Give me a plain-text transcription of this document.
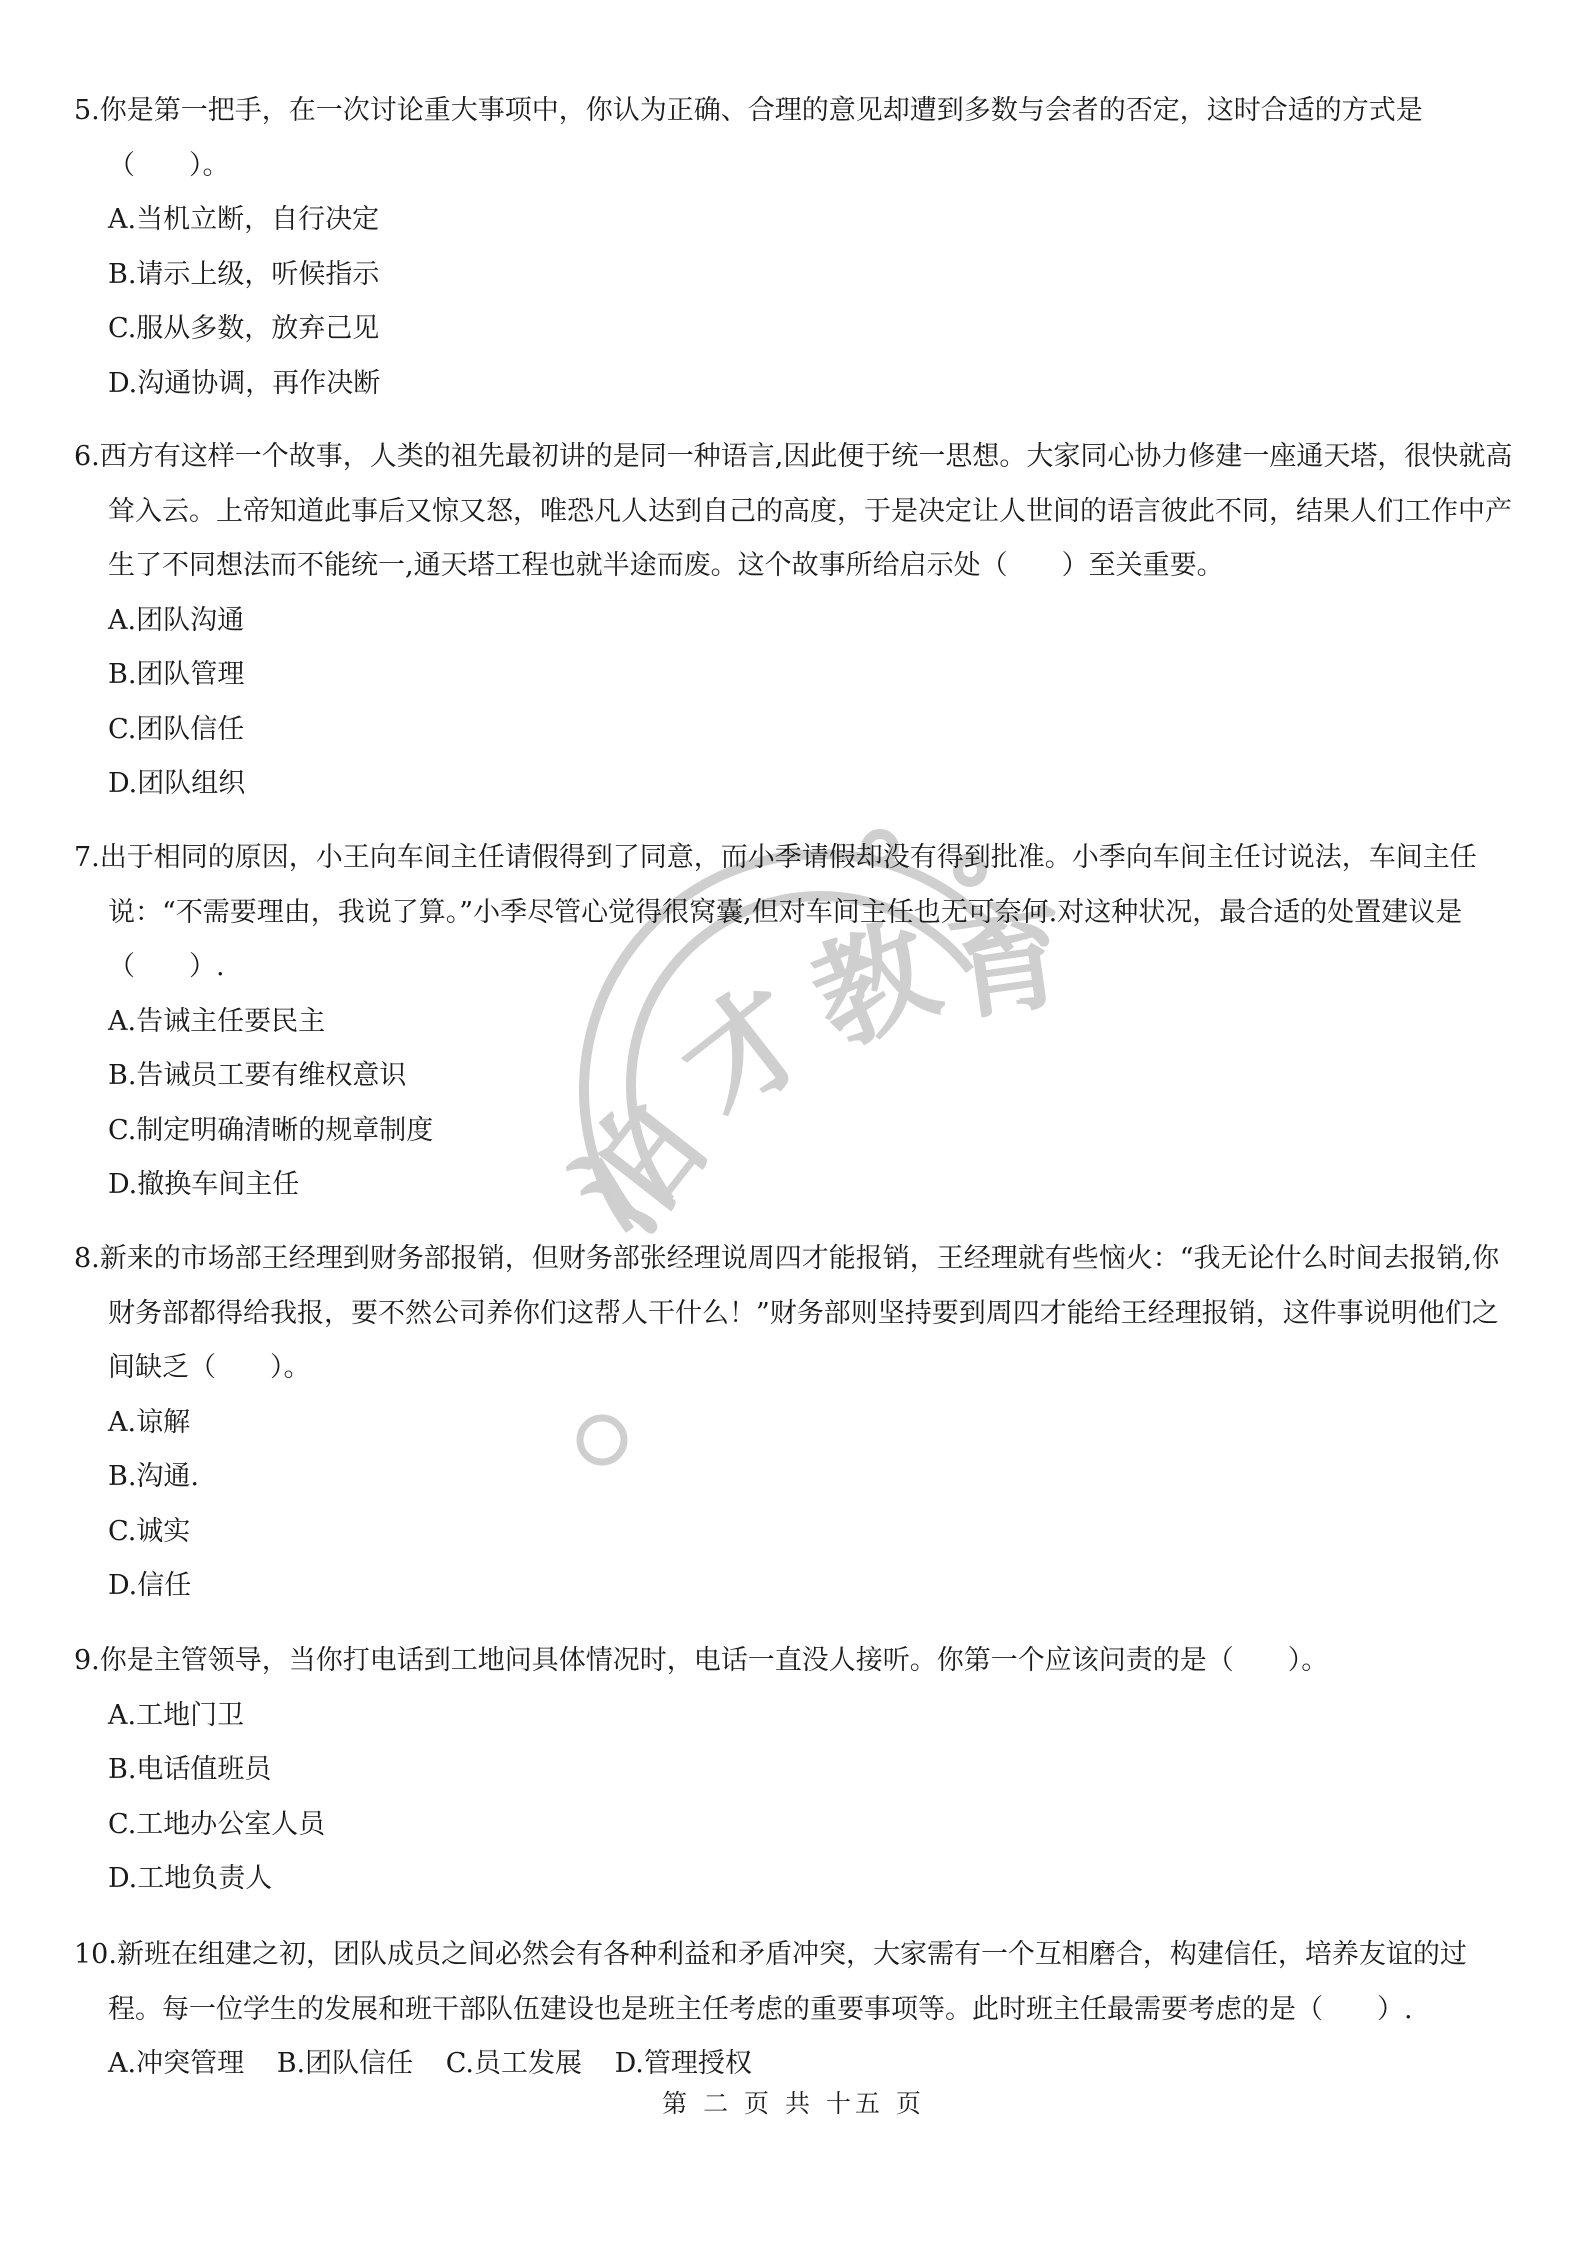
泊
才
教
育

5.你是第一把手，在一次讨论重大事项中，你认为正确、合理的意见却遭到多数与会者的否定，这时合适的方式是（　　）。

A.当机立断，自行决定
B.请示上级，听候指示
C.服从多数，放弃己见
D.沟通协调，再作决断

6.西方有这样一个故事，人类的祖先最初讲的是同一种语言,因此便于统一思想。大家同心协力修建一座通天塔，很快就高耸入云。上帝知道此事后又惊又怒，唯恐凡人达到自己的高度，于是决定让人世间的语言彼此不同，结果人们工作中产生了不同想法而不能统一,通天塔工程也就半途而废。这个故事所给启示处（　　）至关重要。

A.团队沟通
B.团队管理
C.团队信任
D.团队组织

7.出于相同的原因，小王向车间主任请假得到了同意，而小季请假却没有得到批准。小季向车间主任讨说法，车间主任说：“不需要理由，我说了算。”小季尽管心觉得很窝囊,但对车间主任也无可奈何.对这种状况，最合适的处置建议是（　　）.

A.告诫主任要民主
B.告诫员工要有维权意识
C.制定明确清晰的规章制度
D.撤换车间主任

8.新来的市场部王经理到财务部报销，但财务部张经理说周四才能报销，王经理就有些恼火：“我无论什么时间去报销,你财务部都得给我报，要不然公司养你们这帮人干什么！”财务部则坚持要到周四才能给王经理报销，这件事说明他们之间缺乏（　　）。

A.谅解
B.沟通.
C.诚实
D.信任

9.你是主管领导，当你打电话到工地问具体情况时，电话一直没人接听。你第一个应该问责的是（　　）。

A.工地门卫
B.电话值班员
C.工地办公室人员
D.工地负责人

10.新班在组建之初，团队成员之间必然会有各种利益和矛盾冲突，大家需有一个互相磨合，构建信任，培养友谊的过程。每一位学生的发展和班干部队伍建设也是班主任考虑的重要事项等。此时班主任最需要考虑的是（　　）.

A.冲突管理 B.团队信任 C.员工发展 D.管理授权
第 二 页 共 十五 页
